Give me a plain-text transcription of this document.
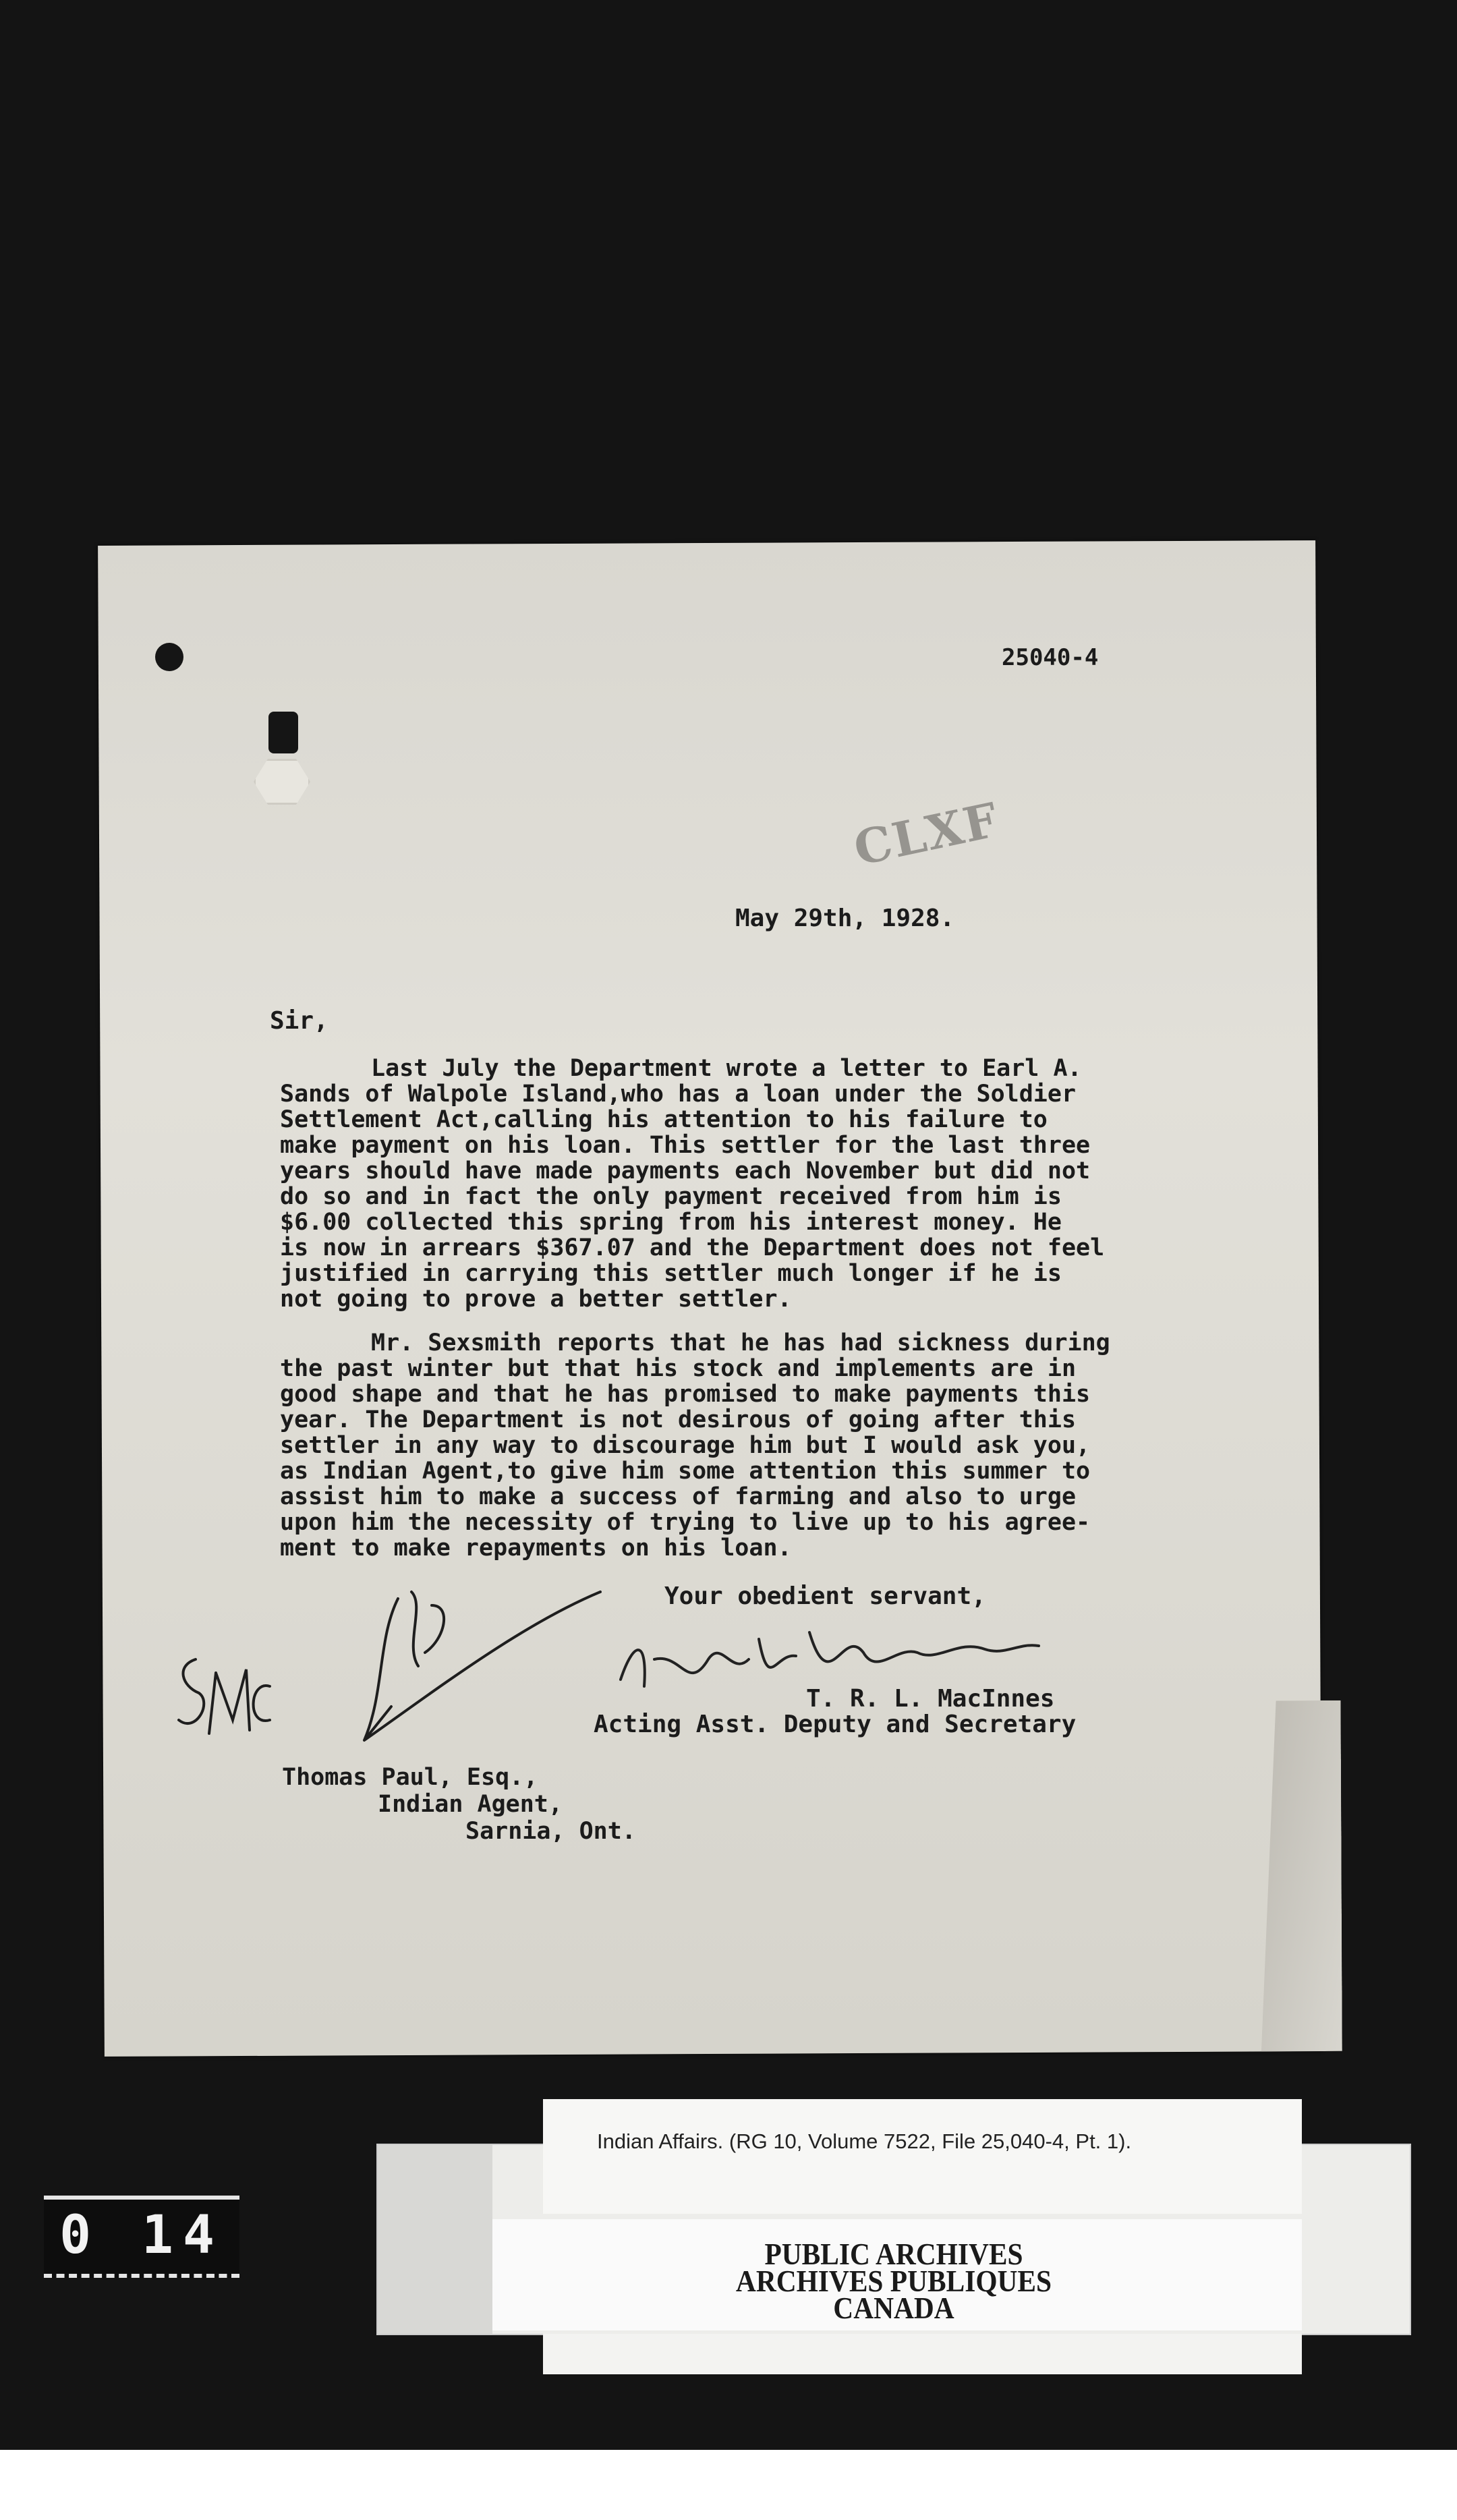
25040-4
CLXF
May 29th, 1928.
Sir,
Last July the Department wrote a letter to Earl A.
Sands of Walpole Island,who has a loan under the Soldier
Settlement Act,calling his attention to his failure to
make payment on his loan. This settler for the last three
years should have made payments each November but did not
do so and in fact the only payment received from him is
$6.00 collected this spring from his interest money. He
is now in arrears $367.07 and the Department does not feel
justified in carrying this settler much longer if he is
not going to prove a better settler.
Mr. Sexsmith reports that he has had sickness during
the past winter but that his stock and implements are in
good shape and that he has promised to make payments this
year. The Department is not desirous of going after this
settler in any way to discourage him but I would ask you,
as Indian Agent,to give him some attention this summer to
assist him to make a success of farming and also to urge
upon him the necessity of trying to live up to his agree-
ment to make repayments on his loan.
Your obedient servant,
T. R. L. MacInnes
Acting Asst. Deputy and Secretary
Thomas Paul, Esq.,
Indian Agent,
Sarnia, Ont.
0 14
Indian Affairs. (RG 10, Volume 7522, File 25,040-4, Pt. 1).
PUBLIC ARCHIVES
ARCHIVES PUBLIQUES
CANADA
